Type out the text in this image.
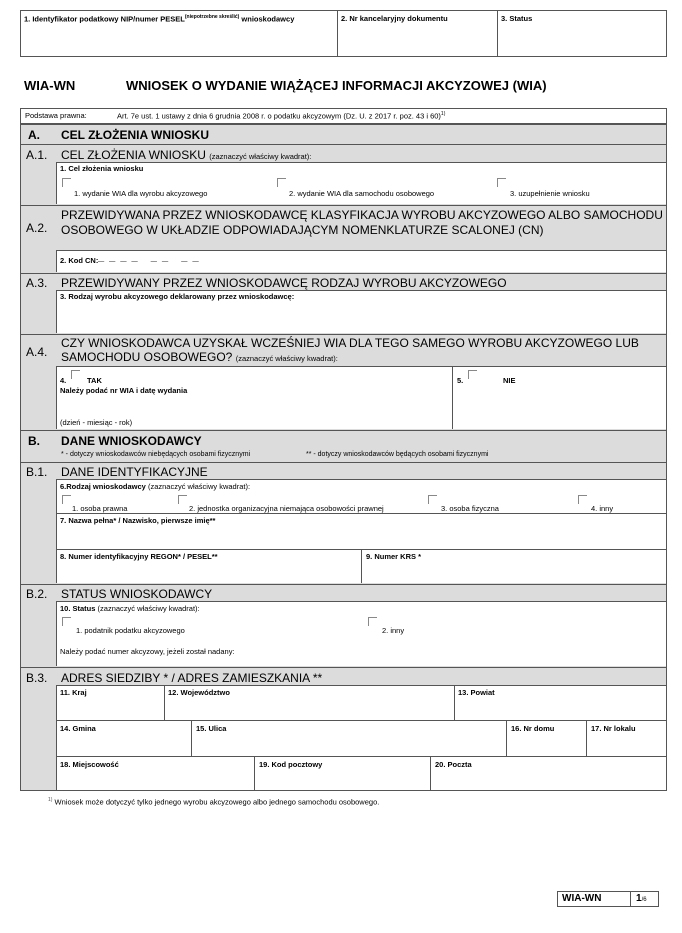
1. Identyfikator podatkowy NIP/numer $PESEL^{(niepotrzebne skreślić)}$ wnioskodawcy	2. Nr kancelaryjny dokumentu	3. Status
WIA-WN	WNIOSEK O WYDANIE WIĄŻĄCEJ INFORMACJI AKCYZOWEJ (WIA)
Podstawa prawna:	Art. 7e ust. 1 ustawy z dnia 6 grudnia 2008 r. o podatku akcyzowym (Dz. U. z 2017 r. poz. 43 i 60)$^{1)}$
A. CEL ZŁOŻENIA WNIOSKU
A.1. CEL ZŁOŻENIA WNIOSKU (zaznaczyć właściwy kwadrat):
1. Cel złożenia wniosku
1. wydanie WIA dla wyrobu akcyzowego	2. wydanie WIA dla samochodu osobowego	3. uzupełnienie wniosku
A.2.
PRZEWIDYWANA PRZEZ WNIOSKODAWCĘ KLASYFIKACJA WYROBU AKCYZOWEGO ALBO SAMOCHODU
OSOBOWEGO W UKŁADZIE ODPOWIADAJĄCYM NOMENKLATURZE SCALONEJ (CN)
2. Kod CN: _ _ _ _   _ _   _ _
A.3. PRZEWIDYWANY PRZEZ WNIOSKODAWCĘ RODZAJ WYROBU AKCYZOWEGO
3. Rodzaj wyrobu akcyzowego deklarowany przez wnioskodawcę:
A.4.
CZY WNIOSKODAWCA UZYSKAŁ WCZEŚNIEJ WIA DLA TEGO SAMEGO WYROBU AKCYZOWEGO LUB
SAMOCHODU OSOBOWEGO? (zaznaczyć właściwy kwadrat):
4.	TAK
Należy podać nr WIA i datę wydania
(dzień - miesiąc - rok)
5.	NIE
B. DANE WNIOSKODAWCY
* - dotyczy wnioskodawców niebędących osobami fizycznymi	** - dotyczy wnioskodawców będących osobami fizycznymi
B.1. DANE IDENTYFIKACYJNE
6.Rodzaj wnioskodawcy (zaznaczyć właściwy kwadrat):
1. osoba prawna	2. jednostka organizacyjna niemająca osobowości prawnej	3. osoba fizyczna	4. inny
7. Nazwa pełna* / Nazwisko, pierwsze imię**
8. Numer identyfikacyjny REGON* / PESEL**	9. Numer KRS *
B.2. STATUS WNIOSKODAWCY
10. Status (zaznaczyć właściwy kwadrat):
1. podatnik podatku akcyzowego	2. inny
Należy podać numer akcyzowy, jeżeli został nadany:
B.3. ADRES SIEDZIBY * / ADRES ZAMIESZKANIA **
11. Kraj	12. Województwo	13. Powiat
14. Gmina	15. Ulica	16. Nr domu	17. Nr lokalu
18. Miejscowość	19. Kod pocztowy	20. Poczta
$^{1)}$ Wniosek może dotyczyć tylko jednego wyrobu akcyzowego albo jednego samochodu osobowego.
WIA-WN	1/6
